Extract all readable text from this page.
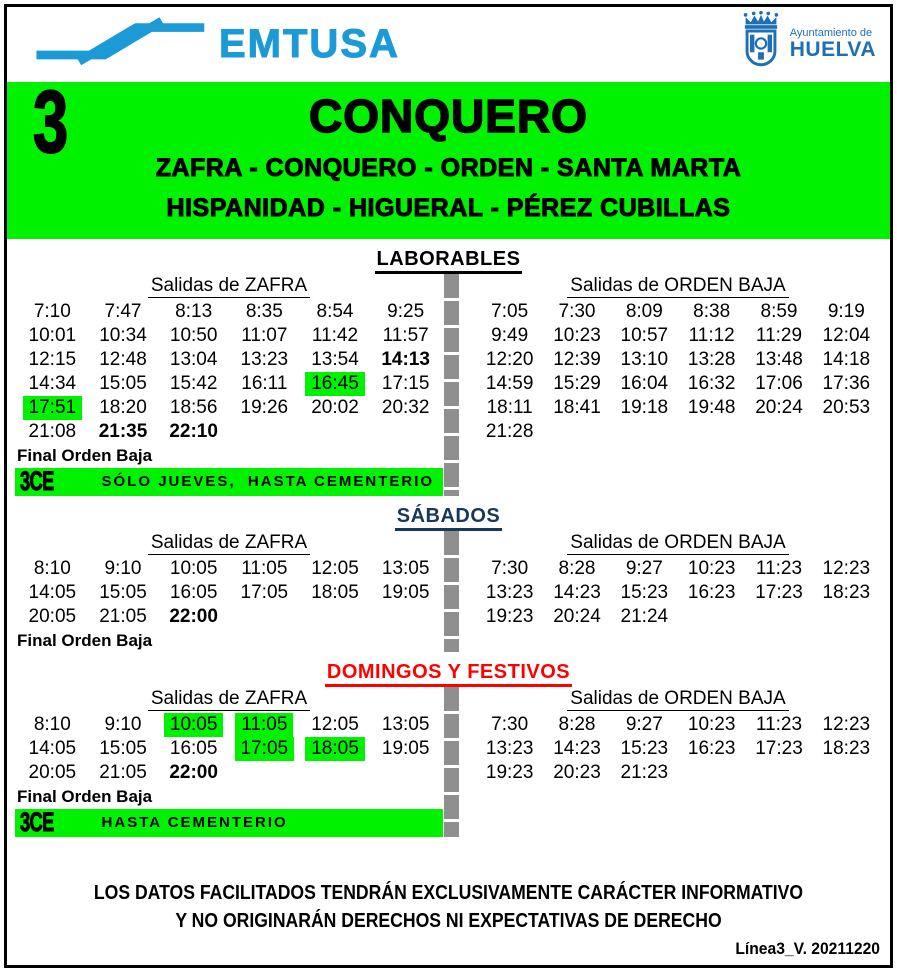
EMTUSA	Ayuntamiento de
HUELVA
3	CONQUERO
ZAFRA - CONQUERO - ORDEN - SANTA MARTA
HISPANIDAD - HIGUERAL - PÉREZ CUBILLAS
LABORABLES
Salidas de ZAFRA
7:10	7:47	8:13	8:35	8:54	9:25
10:01	10:34	10:50	11:07	11:42	11:57
12:15	12:48	13:04	13:23	13:54	14:13
14:34	15:05	15:42	16:11	16:45	17:15
17:51	18:20	18:56	19:26	20:02	20:32
21:08	21:35	22:10
Final Orden Baja
3CE	SÓLO JUEVES,  HASTA CEMENTERIO
Salidas de ORDEN BAJA
7:05	7:30	8:09	8:38	8:59	9:19
9:49	10:23	10:57	11:12	11:29	12:04
12:20	12:39	13:10	13:28	13:48	14:18
14:59	15:29	16:04	16:32	17:06	17:36
18:11	18:41	19:18	19:48	20:24	20:53
21:28
SÁBADOS
Salidas de ZAFRA
8:10	9:10	10:05	11:05	12:05	13:05
14:05	15:05	16:05	17:05	18:05	19:05
20:05	21:05	22:00
Final Orden Baja
Salidas de ORDEN BAJA
7:30	8:28	9:27	10:23	11:23	12:23
13:23	14:23	15:23	16:23	17:23	18:23
19:23	20:24	21:24
DOMINGOS Y FESTIVOS
Salidas de ZAFRA
8:10	9:10	10:05	11:05	12:05	13:05
14:05	15:05	16:05	17:05	18:05	19:05
20:05	21:05	22:00
Final Orden Baja
3CE	HASTA CEMENTERIO
Salidas de ORDEN BAJA
7:30	8:28	9:27	10:23	11:23	12:23
13:23	14:23	15:23	16:23	17:23	18:23
19:23	20:23	21:23
LOS DATOS FACILITADOS TENDRÁN EXCLUSIVAMENTE CARÁCTER INFORMATIVO
Y NO ORIGINARÁN DERECHOS NI EXPECTATIVAS DE DERECHO
Línea3_V. 20211220
